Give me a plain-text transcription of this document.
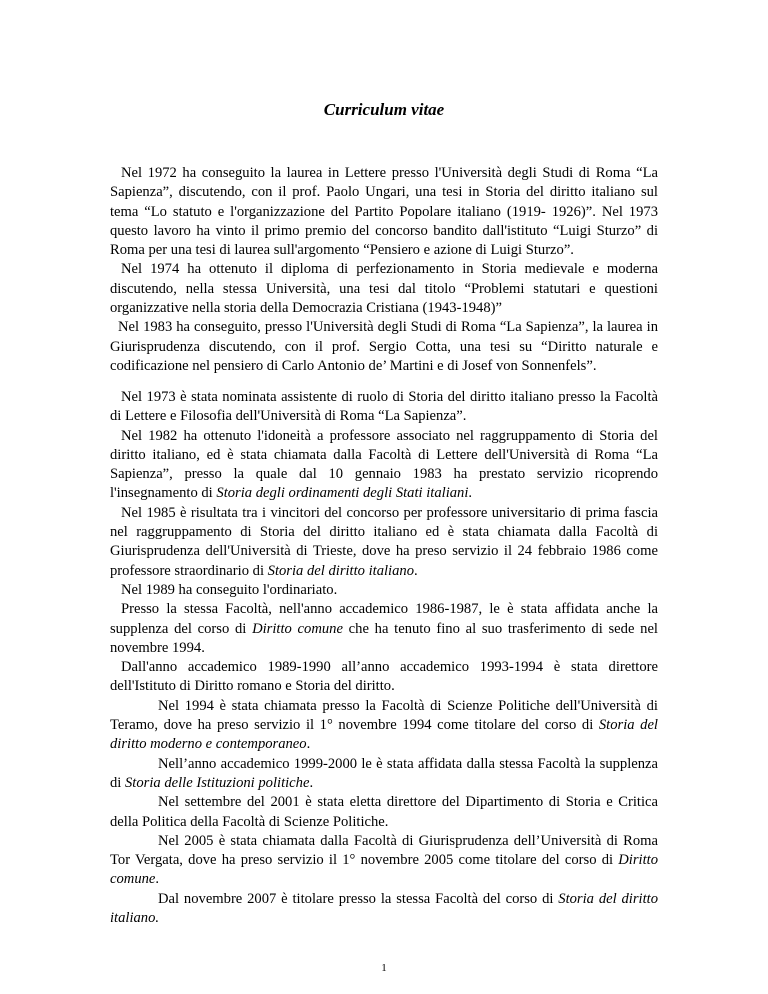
Curriculum vitae

Nel 1972 ha conseguito la laurea in Lettere presso l'Università degli Studi di Roma “La Sapienza”, discutendo, con il prof. Paolo Ungari, una tesi in Storia del diritto italiano sul tema “Lo statuto e l'organizzazione del Partito Popolare italiano (1919- 1926)”. Nel 1973 questo lavoro ha vinto il primo premio del concorso bandito dall'istituto “Luigi Sturzo” di Roma per una tesi di laurea sull'argomento “Pensiero e azione di Luigi Sturzo”.

Nel 1974 ha ottenuto il diploma di perfezionamento in Storia medievale e moderna discutendo, nella stessa Università, una tesi dal titolo “Problemi statutari e questioni organizzative nella storia della Democrazia Cristiana (1943-1948)”

Nel 1983 ha conseguito, presso l'Università degli Studi di Roma “La Sapienza”, la laurea in Giurisprudenza discutendo, con il prof. Sergio Cotta, una tesi su “Diritto naturale e codificazione nel pensiero di Carlo Antonio de’ Martini e di Josef von Sonnenfels”.

Nel 1973 è stata nominata assistente di ruolo di Storia del diritto italiano presso la Facoltà di Lettere e Filosofia dell'Università di Roma “La Sapienza”.

Nel 1982 ha ottenuto l'idoneità a professore associato nel raggruppamento di Storia del diritto italiano, ed è stata chiamata dalla Facoltà di Lettere dell'Università di Roma “La Sapienza”, presso la quale dal 10 gennaio 1983 ha prestato servizio ricoprendo l'insegnamento di Storia degli ordinamenti degli Stati italiani.

Nel 1985 è risultata tra i vincitori del concorso per professore universitario di prima fascia nel raggruppamento di Storia del diritto italiano ed è stata chiamata dalla Facoltà di Giurisprudenza dell'Università di Trieste, dove ha preso servizio il 24 febbraio 1986 come professore straordinario di Storia del diritto italiano.

Nel 1989 ha conseguito l'ordinariato.

Presso la stessa Facoltà, nell'anno accademico 1986-1987, le è stata affidata anche la supplenza del corso di Diritto comune che ha tenuto fino al suo trasferimento di sede nel novembre 1994.

Dall'anno accademico 1989-1990 all’anno accademico 1993-1994 è stata direttore dell'Istituto di Diritto romano e Storia del diritto.

Nel 1994 è stata chiamata presso la Facoltà di Scienze Politiche dell'Università di Teramo, dove ha preso servizio il 1° novembre 1994 come titolare del corso di Storia del diritto moderno e contemporaneo.

Nell’anno accademico 1999-2000 le è stata affidata dalla stessa Facoltà la supplenza di Storia delle Istituzioni politiche.

Nel settembre del 2001 è stata eletta direttore del Dipartimento di Storia e Critica della Politica della Facoltà di Scienze Politiche.

Nel 2005 è stata chiamata dalla Facoltà di Giurisprudenza dell’Università di Roma Tor Vergata, dove ha preso servizio il 1° novembre 2005 come titolare del corso di Diritto comune.

Dal novembre 2007 è titolare presso la stessa Facoltà del corso di Storia del diritto italiano.

1
